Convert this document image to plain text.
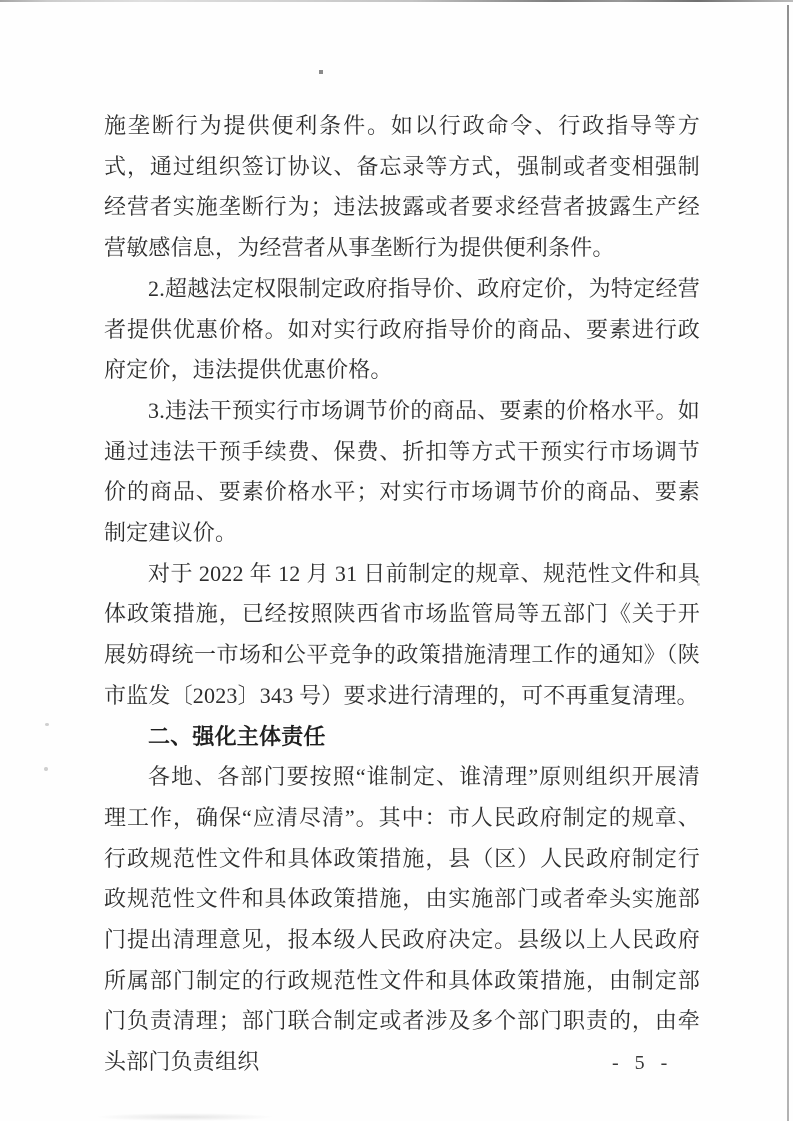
施垄断行为提供便利条件。如以行政命令、行政指导等方式，通过组织签订协议、备忘录等方式，强制或者变相强制经营者实施垄断行为；违法披露或者要求经营者披露生产经营敏感信息，为经营者从事垄断行为提供便利条件。

2.超越法定权限制定政府指导价、政府定价，为特定经营者提供优惠价格。如对实行政府指导价的商品、要素进行政府定价，违法提供优惠价格。

3.违法干预实行市场调节价的商品、要素的价格水平。如通过违法干预手续费、保费、折扣等方式干预实行市场调节价的商品、要素价格水平；对实行市场调节价的商品、要素制定建议价。

对于 2022 年 12 月 31 日前制定的规章、规范性文件和具体政策措施，已经按照陕西省市场监管局等五部门《关于开展妨碍统一市场和公平竞争的政策措施清理工作的通知》（陕市监发〔2023〕343 号）要求进行清理的，可不再重复清理。

二、强化主体责任

各地、各部门要按照“谁制定、谁清理”原则组织开展清理工作，确保“应清尽清”。其中：市人民政府制定的规章、行政规范性文件和具体政策措施，县（区）人民政府制定行政规范性文件和具体政策措施，由实施部门或者牵头实施部门提出清理意见，报本级人民政府决定。县级以上人民政府所属部门制定的行政规范性文件和具体政策措施，由制定部门负责清理；部门联合制定或者涉及多个部门职责的，由牵头部门负责组织	- 5 -
